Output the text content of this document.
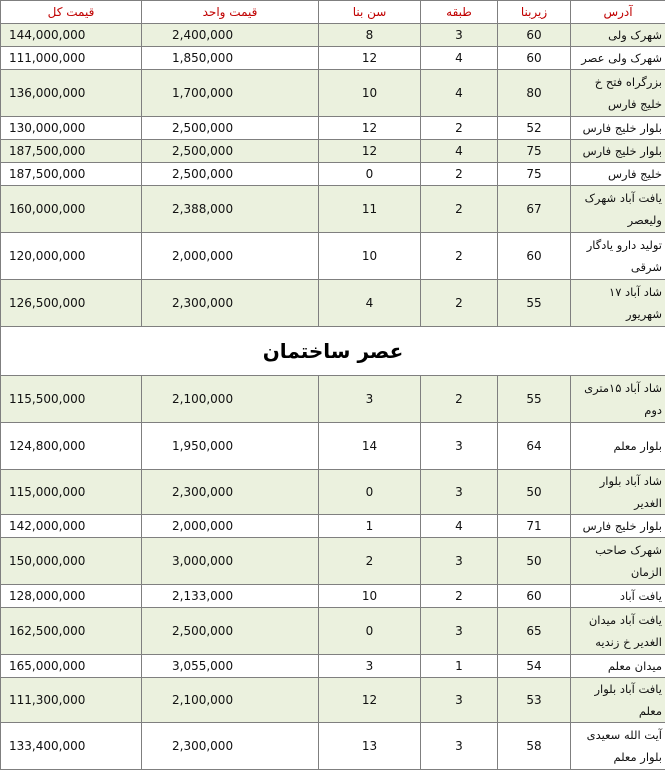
آدرس	زیربنا	طبقه	سن بنا	قیمت واحد	قیمت کل
شهرک ولی	60	3	8	2,400,000	144,000,000
شهرک ولی عصر	60	4	12	1,850,000	111,000,000
بزرگراه فتح خ خلیج فارس	80	4	10	1,700,000	136,000,000
بلوار خلیج فارس	52	2	12	2,500,000	130,000,000
بلوار خلیج فارس	75	4	12	2,500,000	187,500,000
خلیج فارس	75	2	0	2,500,000	187,500,000
یافت آباد شهرک ولیعصر	67	2	11	2,388,000	160,000,000
تولید دارو یادگار شرقی	60	2	10	2,000,000	120,000,000
شاد آباد ۱۷ شهریور	55	2	4	2,300,000	126,500,000
عصر ساختمان					
شاد آباد ۱۵متری دوم	55	2	3	2,100,000	115,500,000
بلوار معلم	64	3	14	1,950,000	124,800,000
شاد آباد بلوار الغدیر	50	3	0	2,300,000	115,000,000
بلوار خلیج فارس	71	4	1	2,000,000	142,000,000
شهرک صاحب الزمان	50	3	2	3,000,000	150,000,000
یافت آباد	60	2	10	2,133,000	128,000,000
یافت آباد میدان الغدیر خ زندیه	65	3	0	2,500,000	162,500,000
میدان معلم	54	1	3	3,055,000	165,000,000
یافت آباد بلوار معلم	53	3	12	2,100,000	111,300,000
آیت الله سعیدی بلوار معلم	58	3	13	2,300,000	133,400,000
